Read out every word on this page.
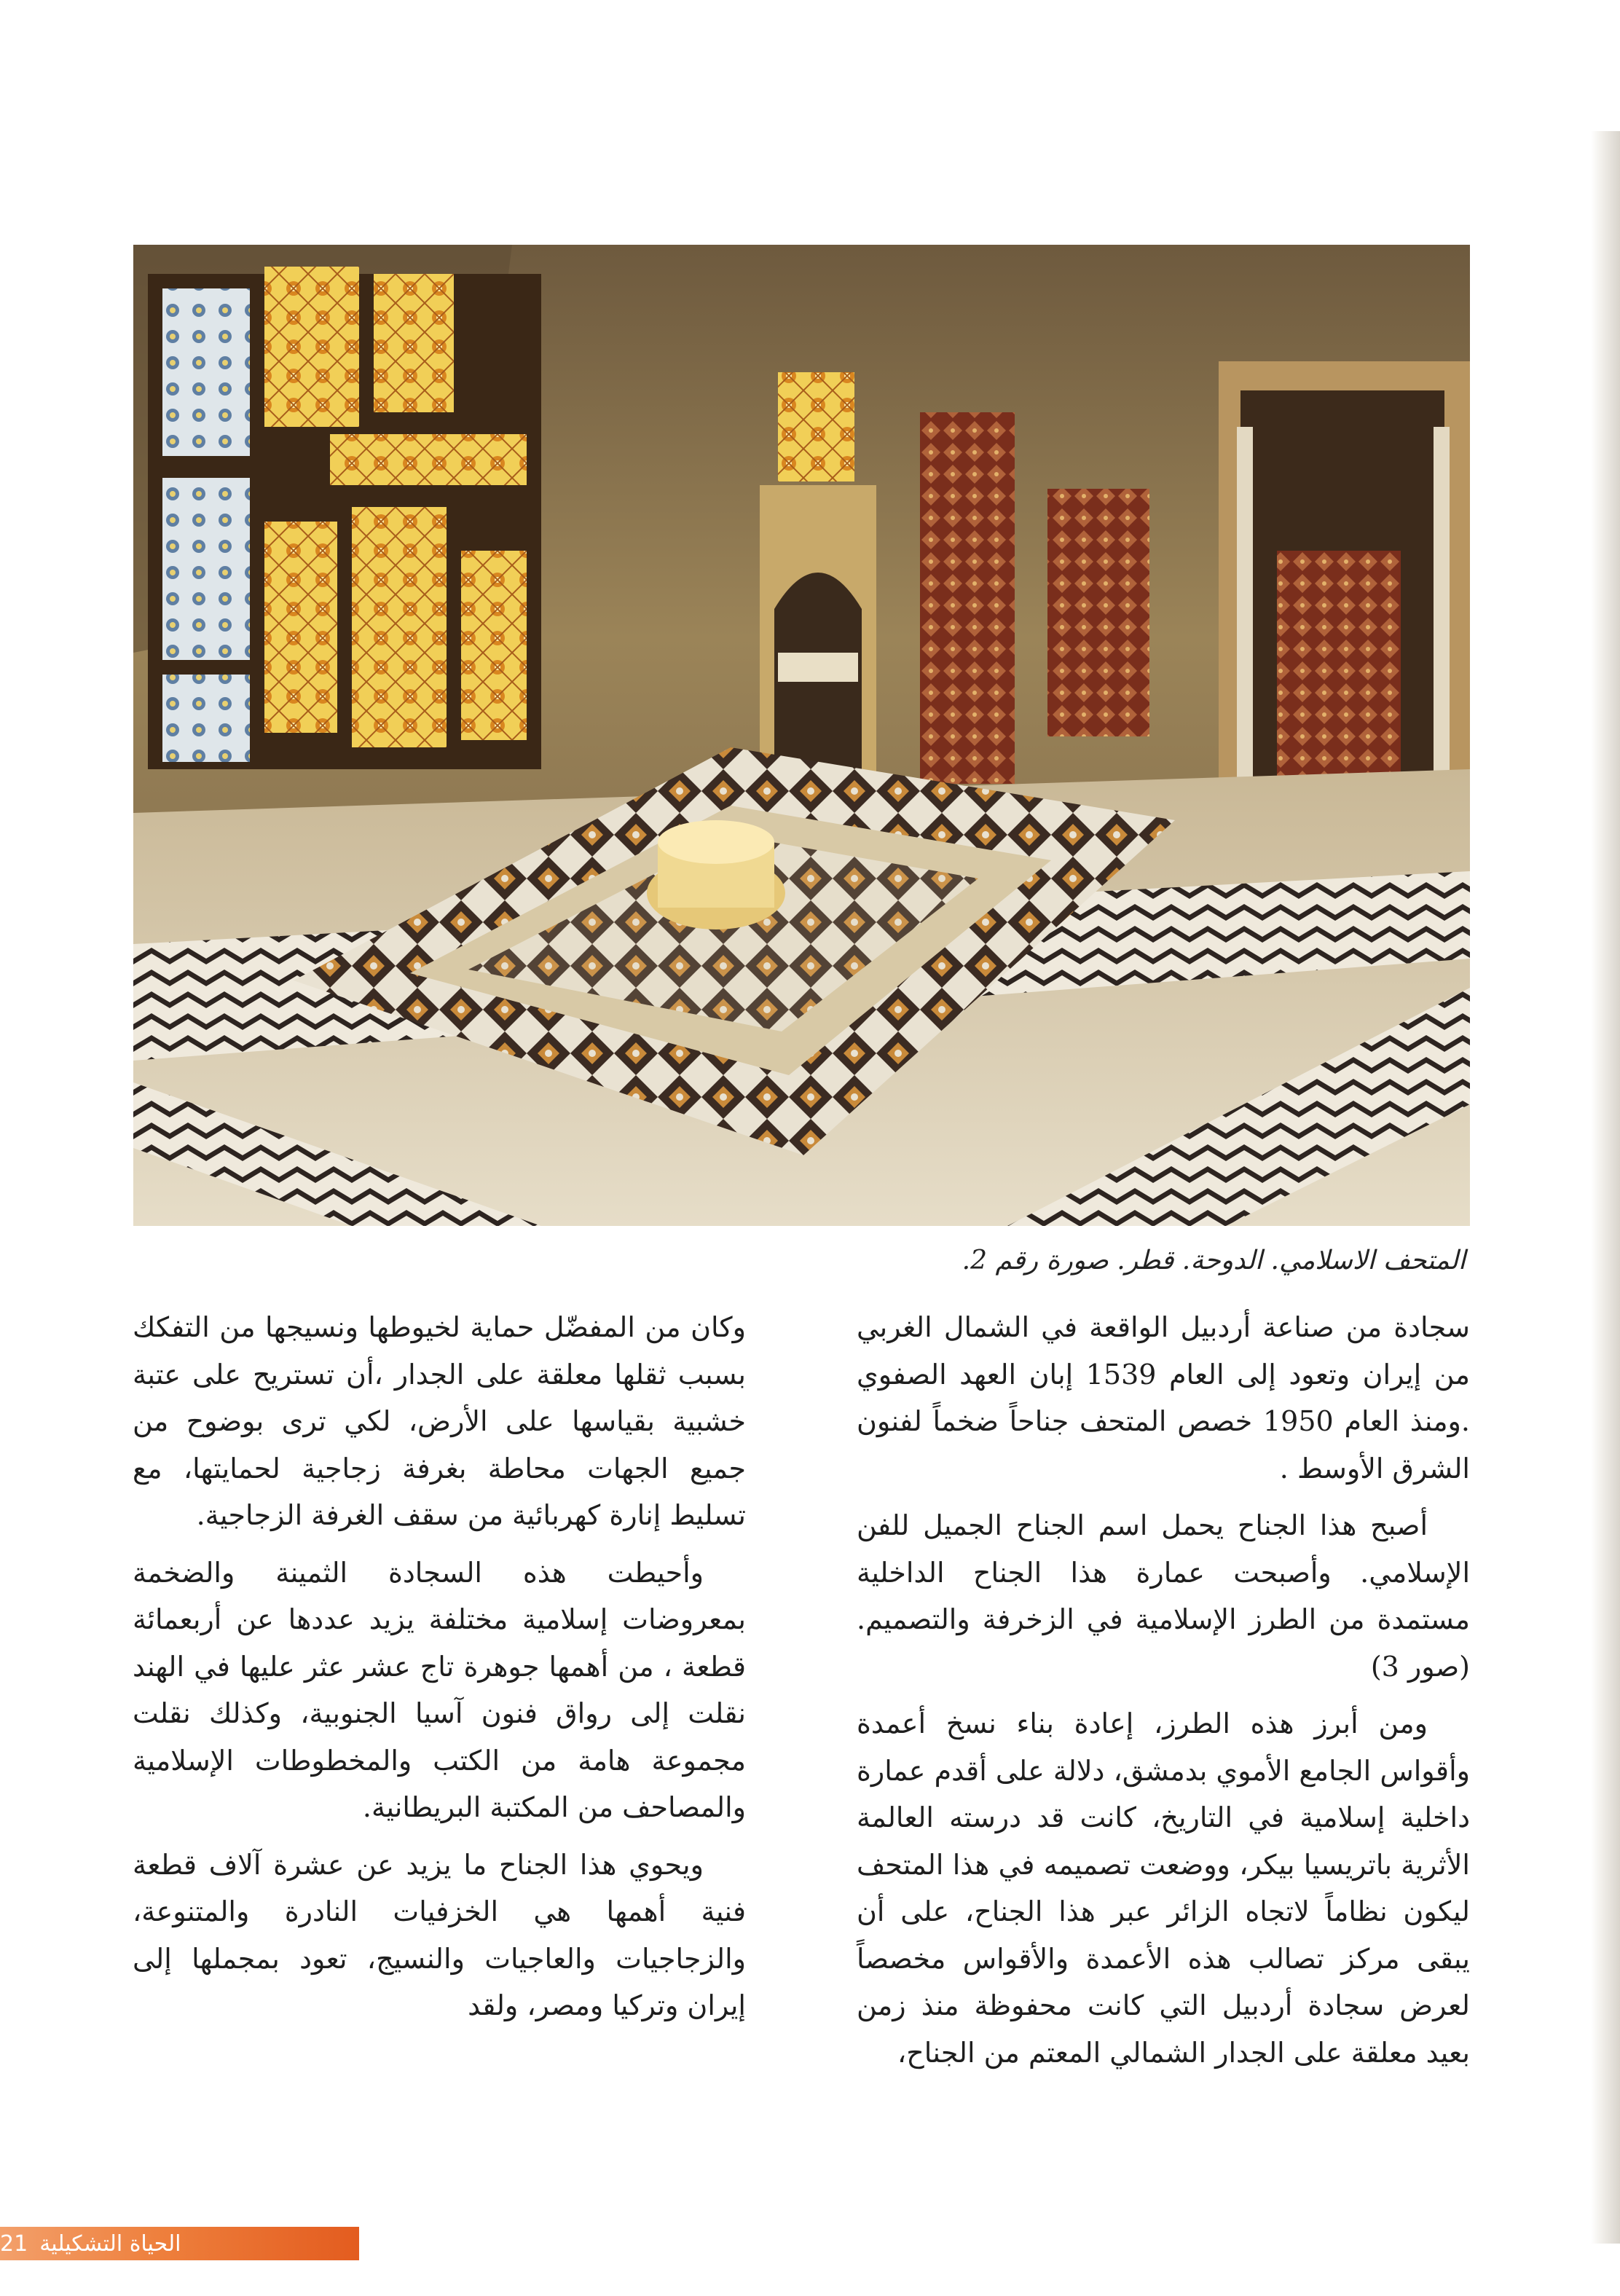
المتحف الاسلامي. الدوحة. قطر. صورة رقم 2.

سجادة من صناعة أردبيل الواقعة في الشمال الغربي من إيران وتعود إلى العام 1539 إبان العهد الصفوي .ومنذ العام 1950 خصص المتحف جناحاً ضخماً لفنون الشرق الأوسط .

أصبح هذا الجناح يحمل اسم الجناح الجميل للفن الإسلامي. وأصبحت عمارة هذا الجناح الداخلية مستمدة من الطرز الإسلامية في الزخرفة والتصميم.(صور 3)

ومن أبرز هذه الطرز، إعادة بناء نسخ أعمدة وأقواس الجامع الأموي بدمشق، دلالة على أقدم عمارة داخلية إسلامية في التاريخ، كانت قد درسته العالمة الأثرية باتريسيا بيكر، ووضعت تصميمه في هذا المتحف ليكون نظاماً لاتجاه الزائر عبر هذا الجناح، على أن يبقى مركز تصالب هذه الأعمدة والأقواس مخصصاً لعرض سجادة أردبيل التي كانت محفوظة منذ زمن بعيد معلقة على الجدار الشمالي المعتم من الجناح،

وكان من المفضّل حماية لخيوطها ونسيجها من التفكك بسبب ثقلها معلقة على الجدار ،أن تستريح على عتبة خشبية بقياسها على الأرض، لكي ترى بوضوح من جميع الجهات محاطة بغرفة زجاجية لحمايتها، مع تسليط إنارة كهربائية من سقف الغرفة الزجاجية.

وأحيطت هذه السجادة الثمينة والضخمة بمعروضات إسلامية مختلفة يزيد عددها عن أربعمائة قطعة ، من أهمها جوهرة تاج عشر عثر عليها في الهند نقلت إلى رواق فنون آسيا الجنوبية، وكذلك نقلت مجموعة هامة من الكتب والمخطوطات الإسلامية والمصاحف من المكتبة البريطانية.

ويحوي هذا الجناح ما يزيد عن عشرة آلاف قطعة فنية أهمها هي الخزفيات النادرة والمتنوعة، والزجاجيات والعاجيات والنسيج، تعود بمجملها إلى إيران وتركيا ومصر، ولقد

الحياة التشكيلية
21
